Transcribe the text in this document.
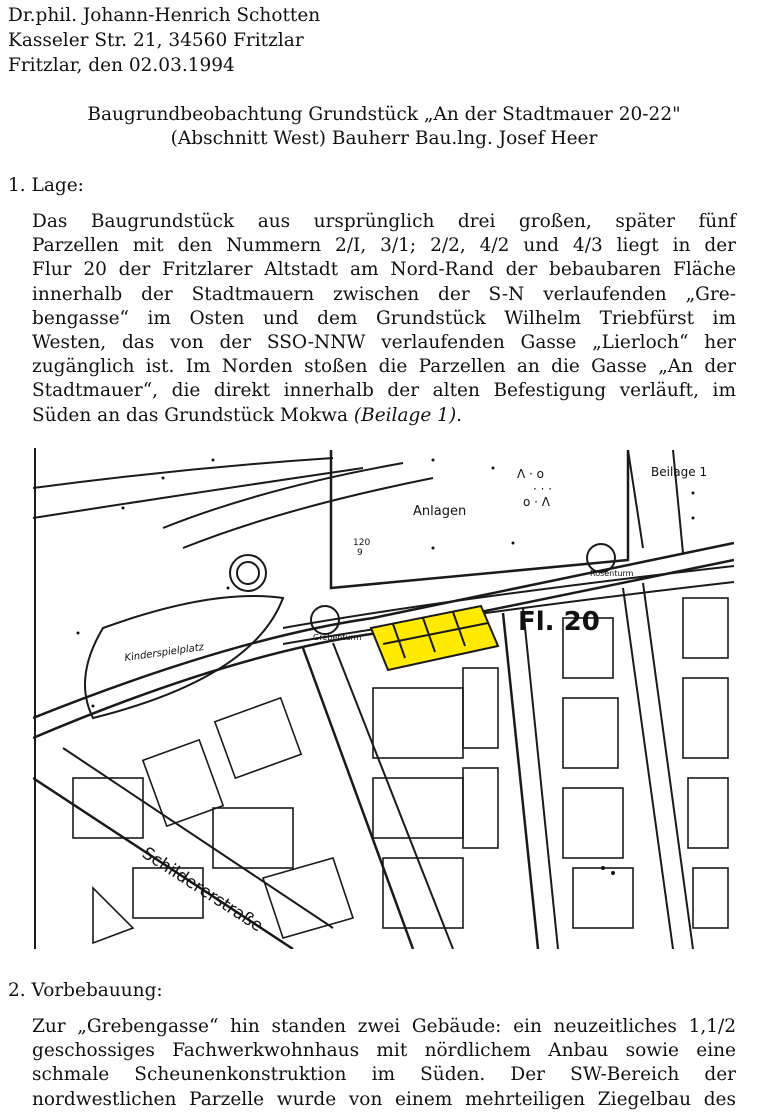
Dr.phil. Johann-Henrich Schotten
Kasseler Str. 21, 34560 Fritzlar
Fritzlar, den 02.03.1994
Baugrundbeobachtung Grundstück „An der Stadtmauer 20-22"
(Abschnitt West) Bauherr Bau.lng. Josef Heer
1. Lage:
Das Baugrundstück aus ursprünglich drei großen, später fünf
Parzellen mit den Nummern 2/I, 3/1; 2/2, 4/2 und 4/3 liegt in der
Flur 20 der Fritzlarer Altstadt am Nord-Rand der bebaubaren Fläche
innerhalb der Stadtmauern zwischen der S-N verlaufenden „Gre-
bengasse“ im Osten und dem Grundstück Wilhelm Triebfürst im
Westen, das von der SSO-NNW verlaufenden Gasse „Lierloch“ her
zugänglich ist. Im Norden stoßen die Parzellen an die Gasse „An der
Stadtmauer“, die direkt innerhalb der alten Befestigung verläuft, im
Süden an das Grundstück Mokwa (Beilage 1).
Beilage 1
Anlagen
120
9
Fl. 20
Grebenturm
Rosenturm
Kinderspielplatz
Schildererstraße
Λ · o
· · ·
o · Λ
2. Vorbebauung:
Zur „Grebengasse“ hin standen zwei Gebäude: ein neuzeitliches 1,1/2
geschossiges Fachwerkwohnhaus mit nördlichem Anbau sowie eine
schmale Scheunenkonstruktion im Süden. Der SW-Bereich der
nordwestlichen Parzelle wurde von einem mehrteiligen Ziegelbau des
